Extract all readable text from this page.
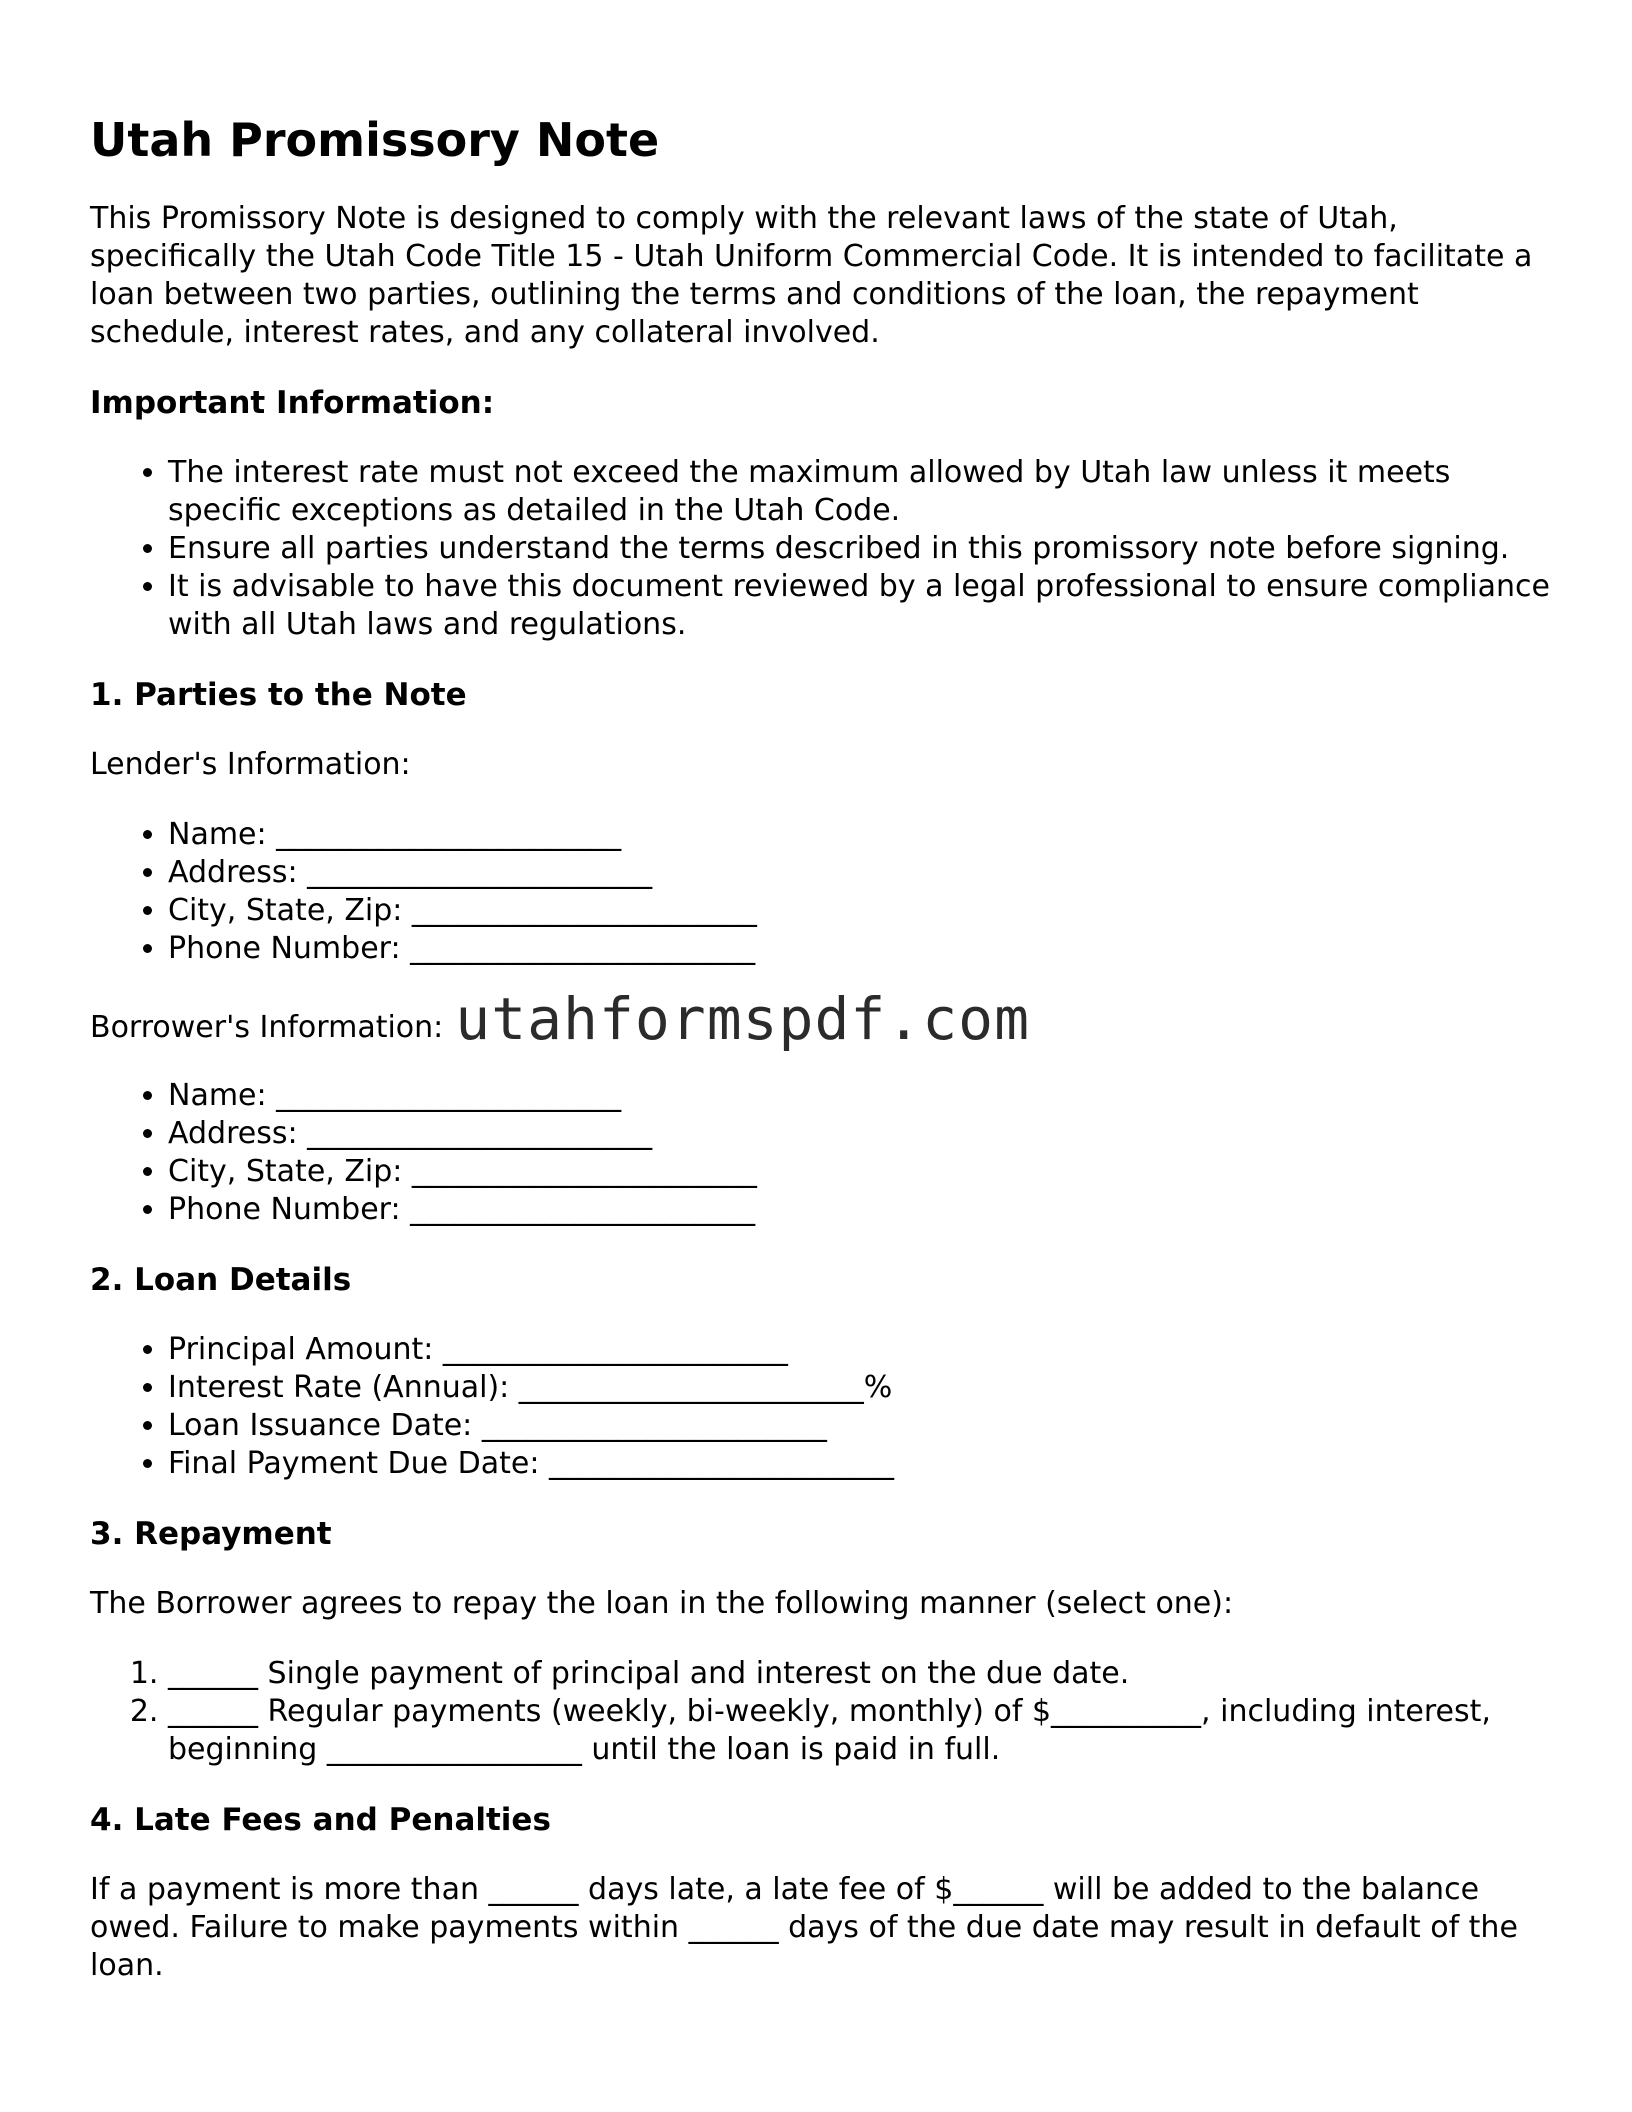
Utah Promissory Note

This Promissory Note is designed to comply with the relevant laws of the state of Utah, specifically the Utah Code Title 15 - Utah Uniform Commercial Code. It is intended to facilitate a loan between two parties, outlining the terms and conditions of the loan, the repayment schedule, interest rates, and any collateral involved.

Important Information:
• The interest rate must not exceed the maximum allowed by Utah law unless it meets specific exceptions as detailed in the Utah Code.
• Ensure all parties understand the terms described in this promissory note before signing.
• It is advisable to have this document reviewed by a legal professional to ensure compliance with all Utah laws and regulations.
1. Parties to the Note

Lender's Information:

• Name: _______________________
• Address: _______________________
• City, State, Zip: _______________________
• Phone Number: _______________________

Borrower's Information: utahformspdf.com

• Name: _______________________
• Address: _______________________
• City, State, Zip: _______________________
• Phone Number: _______________________
2. Loan Details
• Principal Amount: _______________________
• Interest Rate (Annual): _______________________%
• Loan Issuance Date: _______________________
• Final Payment Due Date: _______________________
3. Repayment

The Borrower agrees to repay the loan in the following manner (select one):

1. ______ Single payment of principal and interest on the due date.
2. ______ Regular payments (weekly, bi-weekly, monthly) of $__________, including interest, beginning _________________ until the loan is paid in full.
4. Late Fees and Penalties

If a payment is more than ______ days late, a late fee of $______ will be added to the balance owed. Failure to make payments within ______ days of the due date may result in default of the loan.
